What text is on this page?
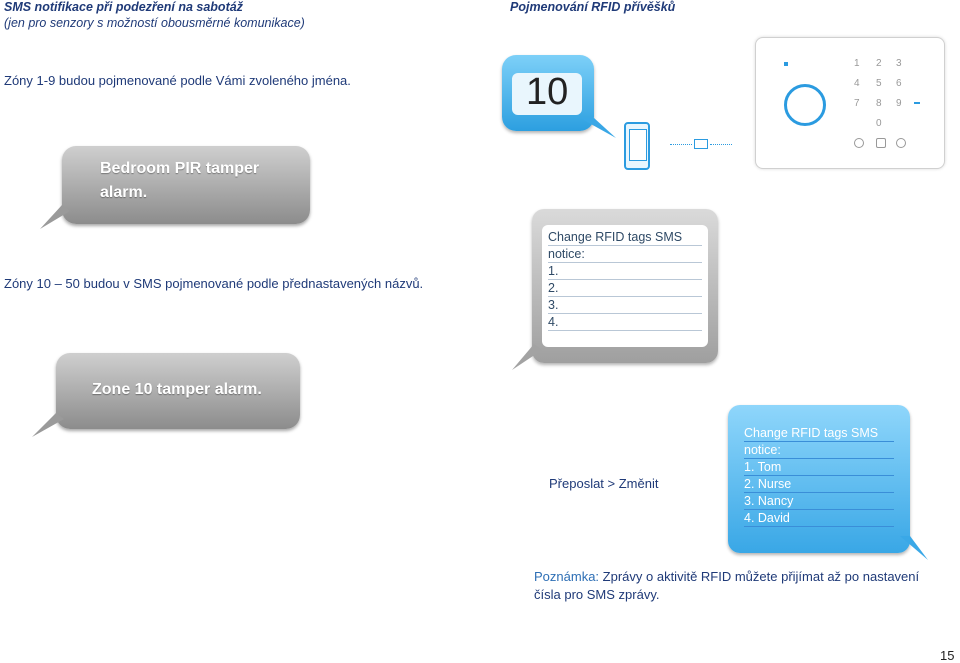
SMS notifikace při podezření na sabotáž
(jen pro senzory s možností obousměrné komunikace)
Zóny 1-9 budou pojmenované podle Vámi zvoleného jména.
Bedroom PIR tamper
alarm.
Zóny 10 – 50 budou v SMS pojmenované podle přednastavených názvů.
Zone 10 tamper alarm.
Pojmenování RFID přívěšků
10
1 2 3
4 5 6
7 8 9
0
Change RFID tags SMS
notice:
1.
2.
3.
4.
Přeposlat > Změnit
Change RFID tags SMS
notice:
1. Tom
2. Nurse
3. Nancy
4. David
Poznámka: Zprávy o aktivitě RFID můžete přijímat až po nastavení čísla pro SMS zprávy.
15
